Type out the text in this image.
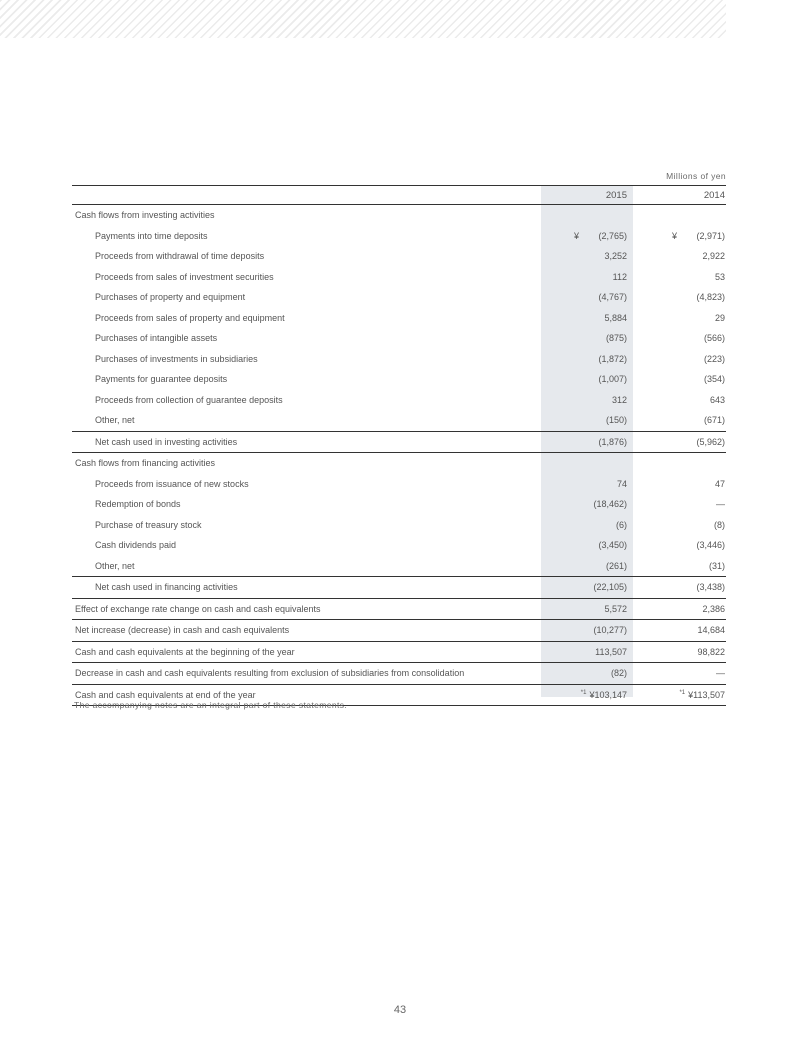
Millions of yen
	2015	2014
Cash flows from investing activities		
Payments into time deposits	¥ (2,765)	¥ (2,971)

Proceeds from withdrawal of time deposits	3,252	2,922
Proceeds from sales of investment securities	112	53
Purchases of property and equipment	(4,767)	(4,823)
Proceeds from sales of property and equipment	5,884	29
Purchases of intangible assets	(875)	(566)
Purchases of investments in subsidiaries	(1,872)	(223)
Payments for guarantee deposits	(1,007)	(354)
Proceeds from collection of guarantee deposits	312	643
Other, net	(150)	(671)
Net cash used in investing activities	(1,876)	(5,962)
Cash flows from financing activities		
Proceeds from issuance of new stocks	74	47
Redemption of bonds	(18,462)	—
Purchase of treasury stock	(6)	(8)
Cash dividends paid	(3,450)	(3,446)
Other, net	(261)	(31)
Net cash used in financing activities	(22,105)	(3,438)
Effect of exchange rate change on cash and cash equivalents	5,572	2,386
Net increase (decrease) in cash and cash equivalents	(10,277)	14,684
Cash and cash equivalents at the beginning of the year	113,507	98,822
Decrease in cash and cash equivalents resulting from exclusion of subsidiaries from consolidation	(82)	—
Cash and cash equivalents at end of the year	$^{*1}$ ¥103,147	$^{*1}$ ¥113,507
The accompanying notes are an integral part of these statements.
43
